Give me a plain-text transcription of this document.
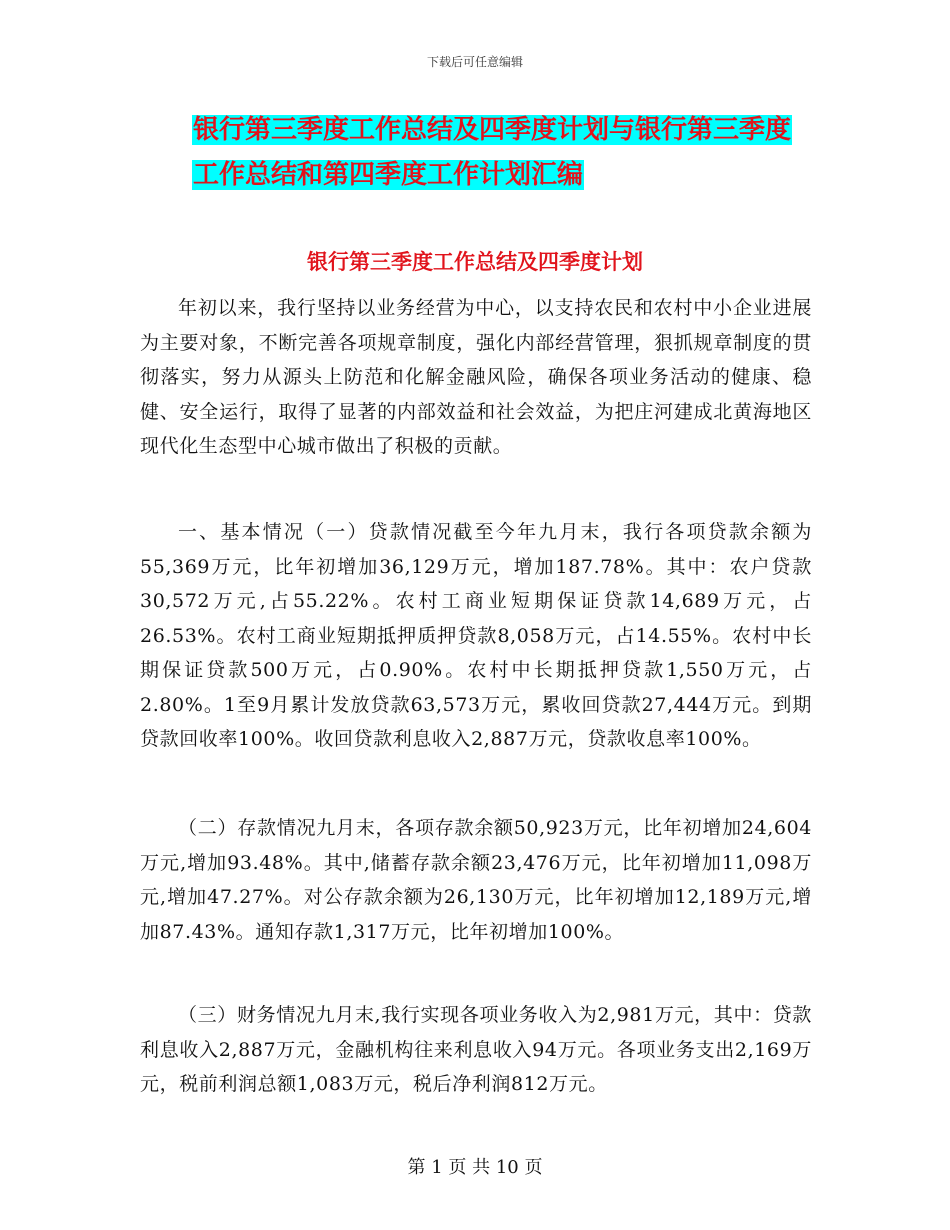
下载后可任意编辑
银行第三季度工作总结及四季度计划与银行第三季度
工作总结和第四季度工作计划汇编
银行第三季度工作总结及四季度计划

年初以来，我行坚持以业务经营为中心，以支持农民和农村中小企业进展为主要对象，不断完善各项规章制度，强化内部经营管理，狠抓规章制度的贯彻落实，努力从源头上防范和化解金融风险，确保各项业务活动的健康、稳健、安全运行，取得了显著的内部效益和社会效益，为把庄河建成北黄海地区现代化生态型中心城市做出了积极的贡献。

一、基本情况（一）贷款情况截至今年九月末，我行各项贷款余额为55,369万元，比年初增加36,129万元，增加187.78%。其中：农户贷款30,572万元,占55.22%。农村工商业短期保证贷款14,689万元，占26.53%。农村工商业短期抵押质押贷款8,058万元，占14.55%。农村中长期保证贷款500万元，占0.90%。农村中长期抵押贷款1,550万元，占2.80%。1至9月累计发放贷款63,573万元，累收回贷款27,444万元。到期贷款回收率100%。收回贷款利息收入2,887万元，贷款收息率100%。

（二）存款情况九月末，各项存款余额50,923万元，比年初增加24,604万元,增加93.48%。其中,储蓄存款余额23,476万元，比年初增加11,098万元,增加47.27%。对公存款余额为26,130万元，比年初增加12,189万元,增加87.43%。通知存款1,317万元，比年初增加100%。

（三）财务情况九月末,我行实现各项业务收入为2,981万元，其中：贷款利息收入2,887万元，金融机构往来利息收入94万元。各项业务支出2,169万元，税前利润总额1,083万元，税后净利润812万元。

第 1 页 共 10 页
